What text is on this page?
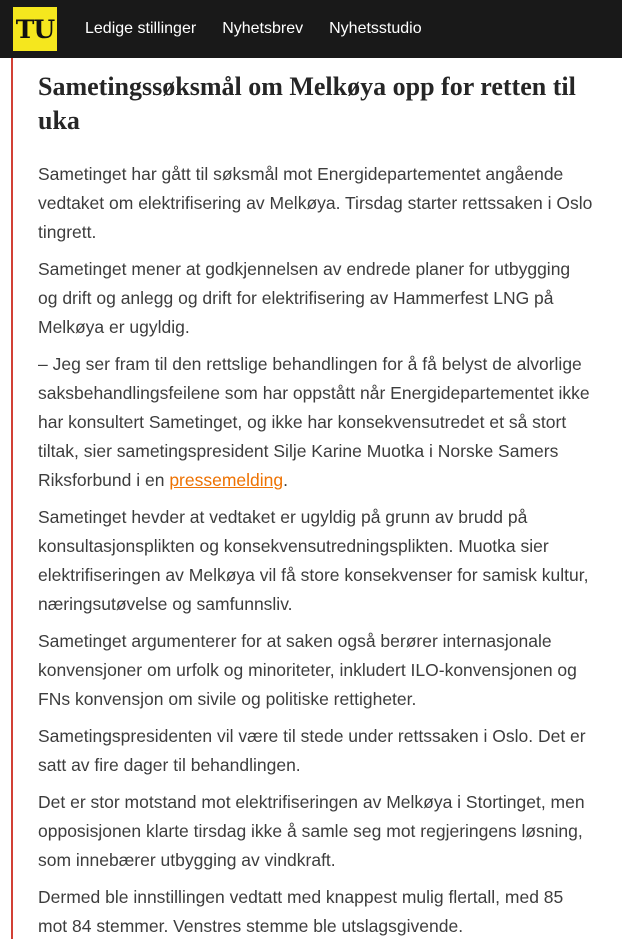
TU Ledige stillinger Nyhetsbrev Nyhetsstudio
Sametingssøksmål om Melkøya opp for retten til uka

Sametinget har gått til søksmål mot Energidepartementet angående vedtaket om elektrifisering av Melkøya. Tirsdag starter rettssaken i Oslo tingrett.

Sametinget mener at godkjennelsen av endrede planer for utbygging og drift og anlegg og drift for elektrifisering av Hammerfest LNG på Melkøya er ugyldig.

– Jeg ser fram til den rettslige behandlingen for å få belyst de alvorlige saksbehandlingsfeilene som har oppstått når Energidepartementet ikke har konsultert Sametinget, og ikke har konsekvensutredet et så stort tiltak, sier sametingspresident Silje Karine Muotka i Norske Samers Riksforbund i en pressemelding.

Sametinget hevder at vedtaket er ugyldig på grunn av brudd på konsultasjonsplikten og konsekvensutredningsplikten. Muotka sier elektrifiseringen av Melkøya vil få store konsekvenser for samisk kultur, næringsutøvelse og samfunnsliv.

Sametinget argumenterer for at saken også berører internasjonale konvensjoner om urfolk og minoriteter, inkludert ILO-konvensjonen og FNs konvensjon om sivile og politiske rettigheter.

Sametingspresidenten vil være til stede under rettssaken i Oslo. Det er satt av fire dager til behandlingen.

Det er stor motstand mot elektrifiseringen av Melkøya i Stortinget, men opposisjonen klarte tirsdag ikke å samle seg mot regjeringens løsning, som innebærer utbygging av vindkraft.

Dermed ble innstillingen vedtatt med knappest mulig flertall, med 85 mot 84 stemmer. Venstres stemme ble utslagsgivende.
